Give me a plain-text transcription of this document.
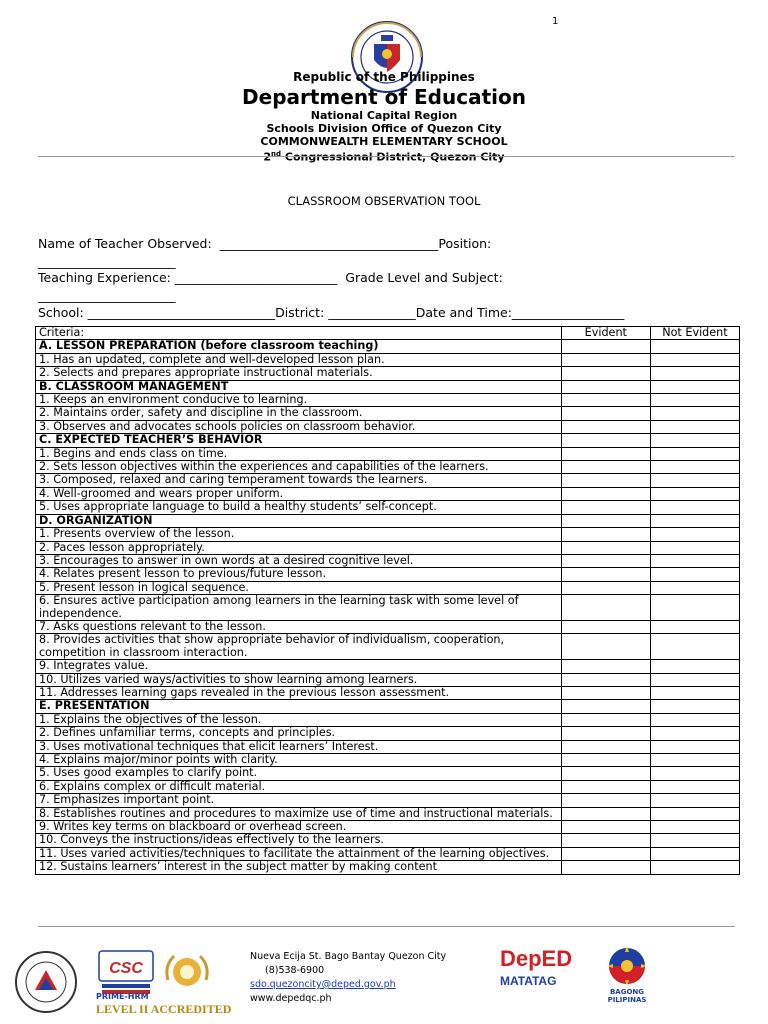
1
Republic of the Philippines
Department of Education
National Capital Region
Schools Division Office of Quezon City
COMMONWEALTH ELEMENTARY SCHOOL
2nd Congressional District, Quezon City
CLASSROOM OBSERVATION TOOL
Name of Teacher Observed:  ___________________________________Position:
______________________
Teaching Experience: __________________________  Grade Level and Subject:
______________________
School: ______________________________District: ______________Date and Time:__________________
Criteria:	Evident	Not Evident
A. LESSON PREPARATION (before classroom teaching)		
1. Has an updated, complete and well-developed lesson plan.		
2. Selects and prepares appropriate instructional materials.		
B. CLASSROOM MANAGEMENT		
1. Keeps an environment conducive to learning.		
2. Maintains order, safety and discipline in the classroom.		
3. Observes and advocates schools policies on classroom behavior.		
C. EXPECTED TEACHER’S BEHAVIOR		
1. Begins and ends class on time.		
2. Sets lesson objectives within the experiences and capabilities of the learners.		
3. Composed, relaxed and caring temperament towards the learners.		
4. Well-groomed and wears proper uniform.		
5. Uses appropriate language to build a healthy students’ self-concept.		
D. ORGANIZATION		
1. Presents overview of the lesson.		
2. Paces lesson appropriately.		
3. Encourages to answer in own words at a desired cognitive level.		
4. Relates present lesson to previous/future lesson.		
5. Present lesson in logical sequence.		
6. Ensures active participation among learners in the learning task with some level of independence.		
7. Asks questions relevant to the lesson.		
8. Provides activities that show appropriate behavior of individualism, cooperation, competition in classroom interaction.		
9. Integrates value.		
10. Utilizes varied ways/activities to show learning among learners.		
11. Addresses learning gaps revealed in the previous lesson assessment.		
E. PRESENTATION		
1. Explains the objectives of the lesson.		
2. Defines unfamiliar terms, concepts and principles.		
3. Uses motivational techniques that elicit learners’ Interest.		
4. Explains major/minor points with clarity.		
5. Uses good examples to clarify point.		
6. Explains complex or difficult material.		
7. Emphasizes important point.		
8. Establishes routines and procedures to maximize use of time and instructional materials.		
9. Writes key terms on blackboard or overhead screen.		
10. Conveys the instructions/ideas effectively to the learners.		
11. Uses varied activities/techniques to facilitate the attainment of the learning objectives.		
12. Sustains learners’ interest in the subject matter by making content		
CSC
PRIME-HRM
LEVEL II ACCREDITED
Nueva Ecija St. Bago Bantay Quezon City
(8)538-6900
sdo.quezoncity@deped.gov.ph
www.depedqc.ph
DepED
MATATAG
BAGONG PILIPINAS
